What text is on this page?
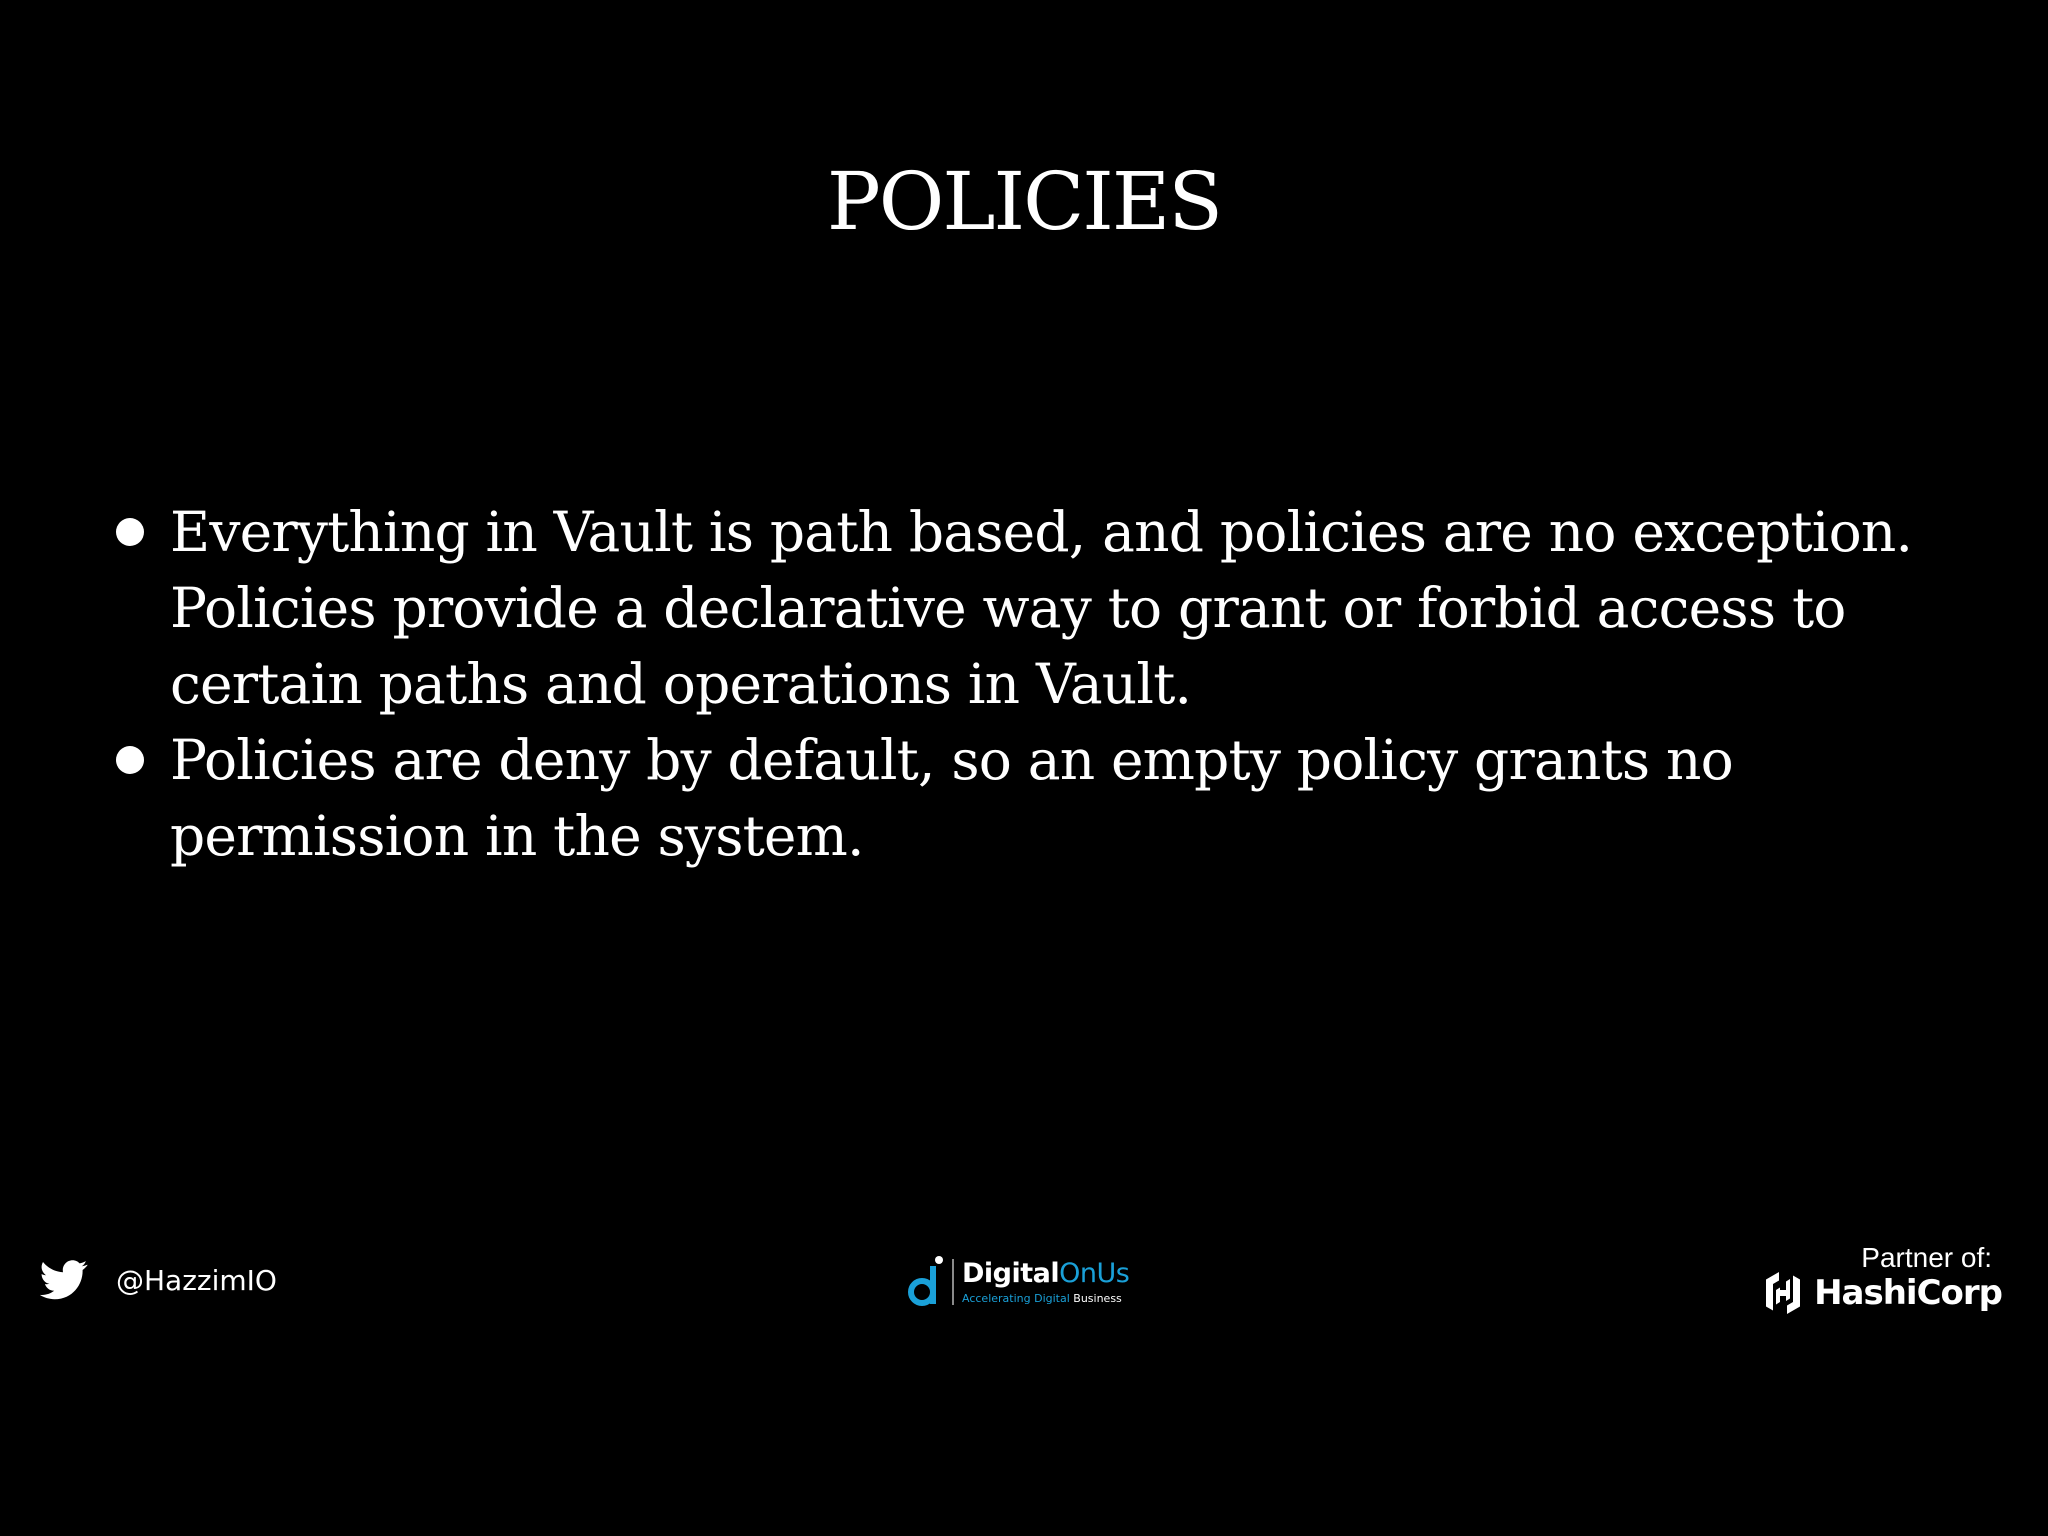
POLICIES
Everything in Vault is path based, and policies are no exception. Policies provide a declarative way to grant or forbid access to certain paths and operations in Vault.
Policies are deny by default, so an empty policy grants no permission in the system.
@HazzimIO	DigitalOnUs
Accelerating Digital Business
Partner of:
HashiCorp
